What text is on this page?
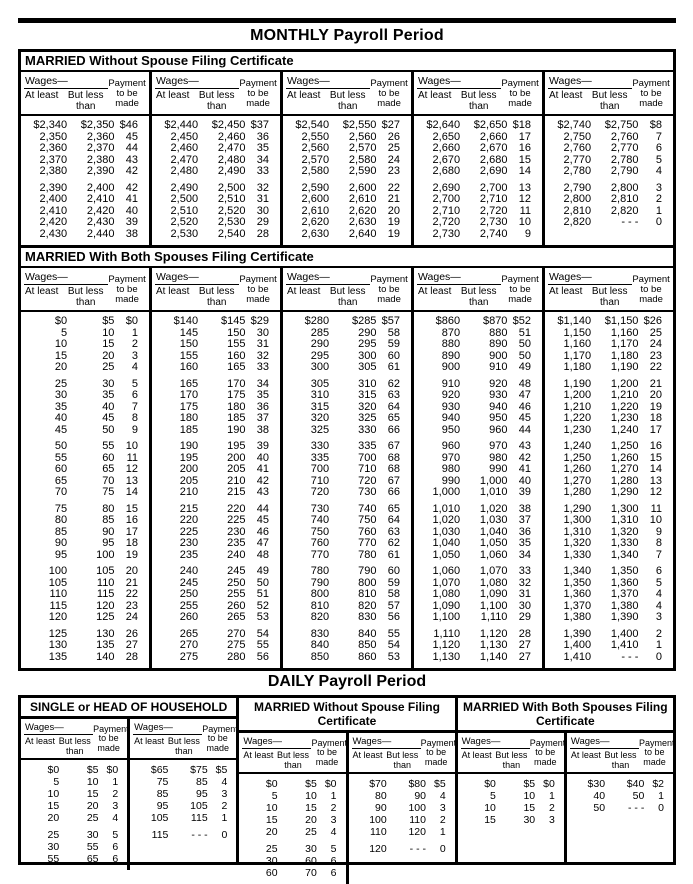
MONTHLY Payroll Period
MARRIED Without Spouse Filing Certificate
Wages—
At least But less
than
Payment
to be
made
$2,340	$2,350 $46
2,350	2,360	45
2,360	2,370	44
2,370	2,380	43
2,380	2,390	42
2,390	2,400	42
2,400	2,410	41
2,410	2,420	40
2,420	2,430	39
2,430	2,440	38
Wages—
At least But less
than
Payment
to be
made
$2,440	$2,450 $37
2,450	2,460	36
2,460	2,470	35
2,470	2,480	34
2,480	2,490	33
2,490	2,500	32
2,500	2,510	31
2,510	2,520	30
2,520	2,530	29
2,530	2,540	28
Wages—
At least But less
than
Payment
to be
made
$2,540	$2,550 $27
2,550	2,560	26
2,560	2,570	25
2,570	2,580	24
2,580	2,590	23
2,590	2,600	22
2,600	2,610	21
2,610	2,620	20
2,620	2,630	19
2,630	2,640	19
Wages—
At least But less
than
Payment
to be
made
$2,640	$2,650 $18
2,650	2,660	17
2,660	2,670	16
2,670	2,680	15
2,680	2,690	14
2,690	2,700	13
2,700	2,710	12
2,710	2,720	11
2,720	2,730	10
2,730	2,740	9
Wages—
At least But less
than
Payment
to be
made
$2,740	$2,750	$8
2,750	2,760	7
2,760	2,770	6
2,770	2,780	5
2,780	2,790	4
2,790	2,800	3
2,800	2,810	2
2,810	2,820	1
2,820	- - -	0
MARRIED With Both Spouses Filing Certificate
Wages—
At least But less
than
Payment
to be
made
$0	$5	$0
5	10	1
10	15	2
15	20	3
20	25	4
25	30	5
30	35	6
35	40	7
40	45	8
45	50	9
50	55	10
55	60	11
60	65	12
65	70	13
70	75	14
75	80	15
80	85	16
85	90	17
90	95	18
95	100	19
100	105	20
105	110	21
110	115	22
115	120	23
120	125	24
125	130	26
130	135	27
135	140	28
Wages—
At least But less
than
Payment
to be
made
$140	$145 $29
145	150	30
150	155	31
155	160	32
160	165	33
165	170	34
170	175	35
175	180	36
180	185	37
185	190	38
190	195	39
195	200	40
200	205	41
205	210	42
210	215	43
215	220	44
220	225	45
225	230	46
230	235	47
235	240	48
240	245	49
245	250	50
250	255	51
255	260	52
260	265	53
265	270	54
270	275	55
275	280	56
Wages—
At least But less
than
Payment
to be
made
$280	$285 $57
285	290	58
290	295	59
295	300	60
300	305	61
305	310	62
310	315	63
315	320	64
320	325	65
325	330	66
330	335	67
335	700	68
700	710	68
710	720	67
720	730	66
730	740	65
740	750	64
750	760	63
760	770	62
770	780	61
780	790	60
790	800	59
800	810	58
810	820	57
820	830	56
830	840	55
840	850	54
850	860	53
Wages—
At least But less
than
Payment
to be
made
$860	$870 $52
870	880	51
880	890	50
890	900	50
900	910	49
910	920	48
920	930	47
930	940	46
940	950	45
950	960	44
960	970	43
970	980	42
980	990	41
990	1,000	40
1,000	1,010	39
1,010	1,020	38
1,020	1,030	37
1,030	1,040	36
1,040	1,050	35
1,050	1,060	34
1,060	1,070	33
1,070	1,080	32
1,080	1,090	31
1,090	1,100	30
1,100	1,110	29
1,110	1,120	28
1,120	1,130	27
1,130	1,140	27
Wages—
At least But less
than
Payment
to be
made
$1,140	$1,150 $26
1,150	1,160	25
1,160	1,170	24
1,170	1,180	23
1,180	1,190	22
1,190	1,200	21
1,200	1,210	20
1,210	1,220	19
1,220	1,230	18
1,230	1,240	17
1,240	1,250	16
1,250	1,260	15
1,260	1,270	14
1,270	1,280	13
1,280	1,290	12
1,290	1,300	11
1,300	1,310	10
1,310	1,320	9
1,320	1,330	8
1,330	1,340	7
1,340	1,350	6
1,350	1,360	5
1,360	1,370	4
1,370	1,380	4
1,380	1,390	3
1,390	1,400	2
1,400	1,410	1
1,410	- - -	0
DAILY Payroll Period
SINGLE or HEAD OF HOUSEHOLD
Wages—
At least But less
than
Payment
to be
made
$0	$5 $0
5	10	1
10	15	2
15	20	3
20	25	4
25	30	5
30	55	6
55	65	6
Wages—
At least But less
than
Payment
to be
made
$65	$75 $5
75	85	4
85	95	3
95	105	2
105	115	1
115	- - -	0
MARRIED Without Spouse Filing Certificate
Wages—
At least But less
than
Payment
to be
made
$0	$5 $0
5	10	1
10	15	2
15	20	3
20	25	4
25	30	5
30	60	6
60	70	6
Wages—
At least But less
than
Payment
to be
made
$70	$80 $5
80	90	4
90	100	3
100	110	2
110	120	1
120	- - -	0
MARRIED With Both Spouses Filing Certificate
Wages—
At least But less
than
Payment
to be
made
$0	$5 $0
5	10	1
10	15	2
15	30	3
Wages—
At least But less
than
Payment
to be
made
$30	$40 $2
40	50	1
50	- - -	0
